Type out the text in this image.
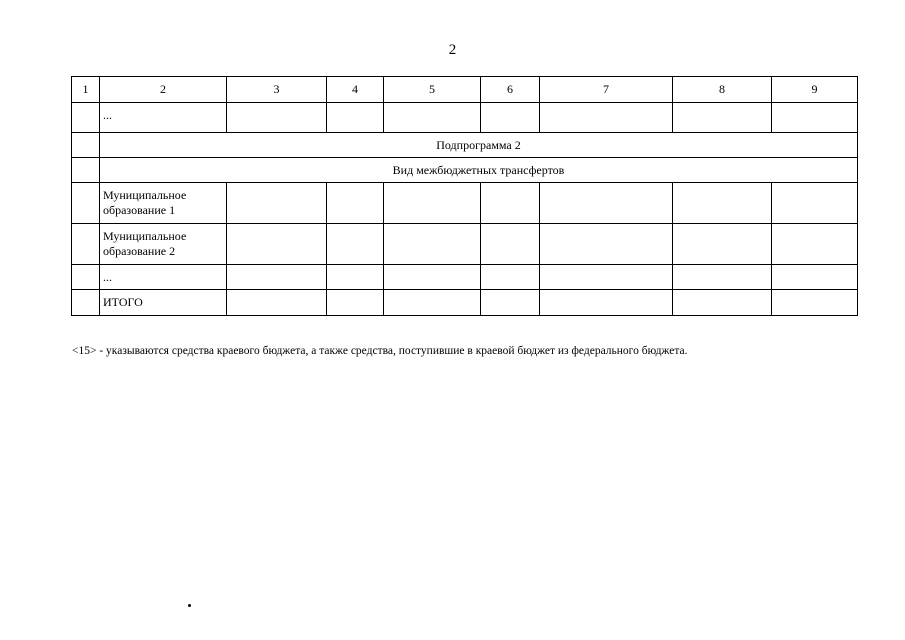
2
1	2	3	4	5	6	7	8	9
	...							
	Подпрограмма 2							
	Вид межбюджетных трансфертов							
	Муниципальное образование 1							
	Муниципальное образование 2							
	...							
	ИТОГО							
<15> - указываются средства краевого бюджета, а также средства, поступившие в краевой бюджет из федерального бюджета.
